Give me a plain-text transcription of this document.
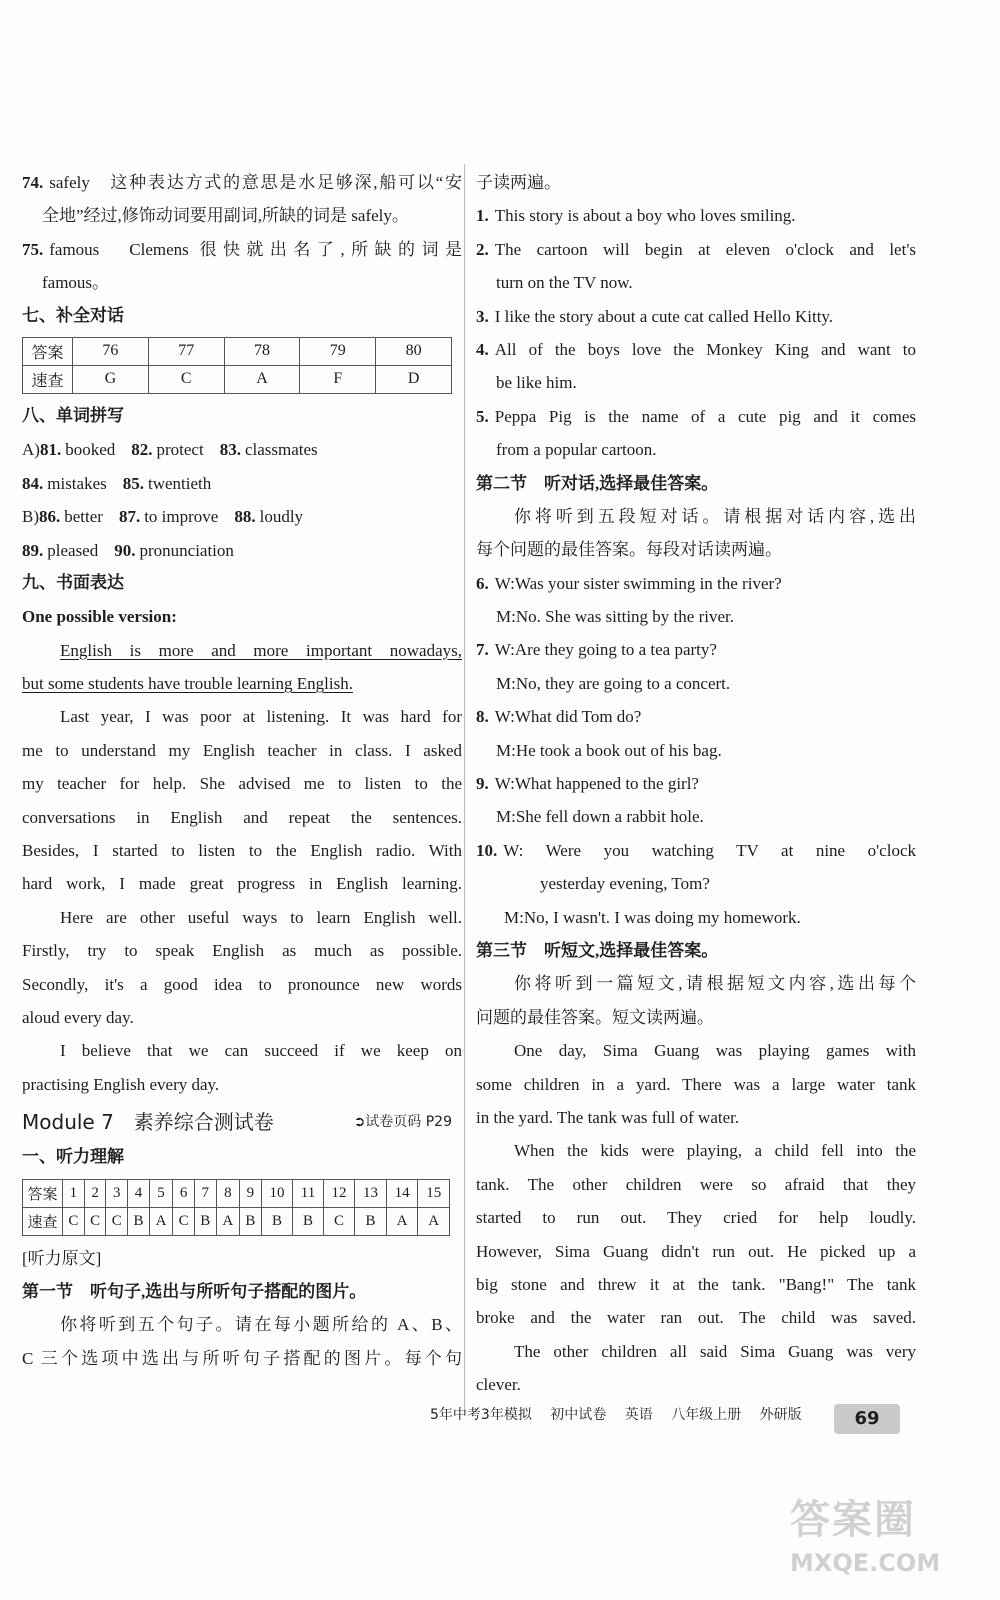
74. safely　这种表达方式的意思是水足够深,船可以“安
全地”经过,修饰动词要用副词,所缺的词是 safely。
75. famous　Clemens 很快就出名了,所缺的词是
famous。
七、补全对话
答案	76	77	78	79	80
速查	G	C	A	F	D
八、单词拼写
A)81. booked 82. protect 83. classmates
84. mistakes 85. twentieth
B)86. better 87. to improve 88. loudly
89. pleased 90. pronunciation
九、书面表达
One possible version:
English is more and more important nowadays,
but some students have trouble learning English.
Last year, I was poor at listening. It was hard for
me to understand my English teacher in class. I asked
my teacher for help. She advised me to listen to the
conversations in English and repeat the sentences.
Besides, I started to listen to the English radio. With
hard work, I made great progress in English learning.
Here are other useful ways to learn English well.
Firstly, try to speak English as much as possible.
Secondly, it's a good idea to pronounce new words
aloud every day.
I believe that we can succeed if we keep on
practising English every day.
Module 7　素养综合测试卷	➲试卷页码 P29
一、听力理解
答案	1	2	3	4	5	6	7	8	9	10	11	12	13	14	15
速查	C	C	C	B	A	C	B	A	B	B	B	C	B	A	A
[听力原文]
第一节　听句子,选出与所听句子搭配的图片。
你将听到五个句子。请在每小题所给的 A、B、
C 三个选项中选出与所听句子搭配的图片。每个句
子读两遍。
1. This story is about a boy who loves smiling.
2. The cartoon will begin at eleven o'clock and let's
turn on the TV now.
3. I like the story about a cute cat called Hello Kitty.
4. All of the boys love the Monkey King and want to
be like him.
5. Peppa Pig is the name of a cute pig and it comes
from a popular cartoon.
第二节　听对话,选择最佳答案。
你将听到五段短对话。请根据对话内容,选出
每个问题的最佳答案。每段对话读两遍。
6. W:Was your sister swimming in the river?
M:No. She was sitting by the river.
7. W:Are they going to a tea party?
M:No, they are going to a concert.
8. W:What did Tom do?
M:He took a book out of his bag.
9. W:What happened to the girl?
M:She fell down a rabbit hole.
10. W: Were you watching TV at nine o'clock
yesterday evening, Tom?
M:No, I wasn't. I was doing my homework.
第三节　听短文,选择最佳答案。
你将听到一篇短文,请根据短文内容,选出每个
问题的最佳答案。短文读两遍。
One day, Sima Guang was playing games with
some children in a yard. There was a large water tank
in the yard. The tank was full of water.
When the kids were playing, a child fell into the
tank. The other children were so afraid that they
started to run out. They cried for help loudly.
However, Sima Guang didn't run out. He picked up a
big stone and threw it at the tank. "Bang!" The tank
broke and the water ran out. The child was saved.
The other children all said Sima Guang was very
clever.
5年中考3年模拟 初中试卷 英语 八年级上册 外研版	69
答案圈
MXQE.COM
